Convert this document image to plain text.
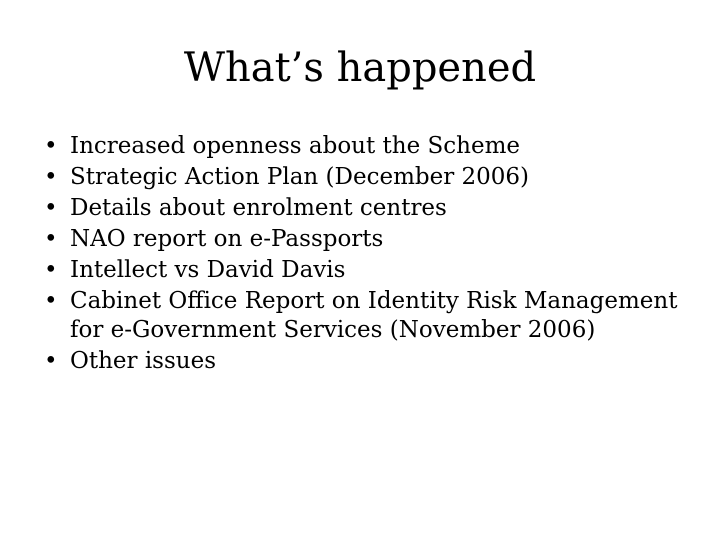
What’s happened
• Increased openness about the Scheme
• Strategic Action Plan (December 2006)
• Details about enrolment centres
• NAO report on e-Passports
• Intellect vs David Davis
• Cabinet Office Report on Identity Risk Management for e-Government Services (November 2006)
• Other issues
